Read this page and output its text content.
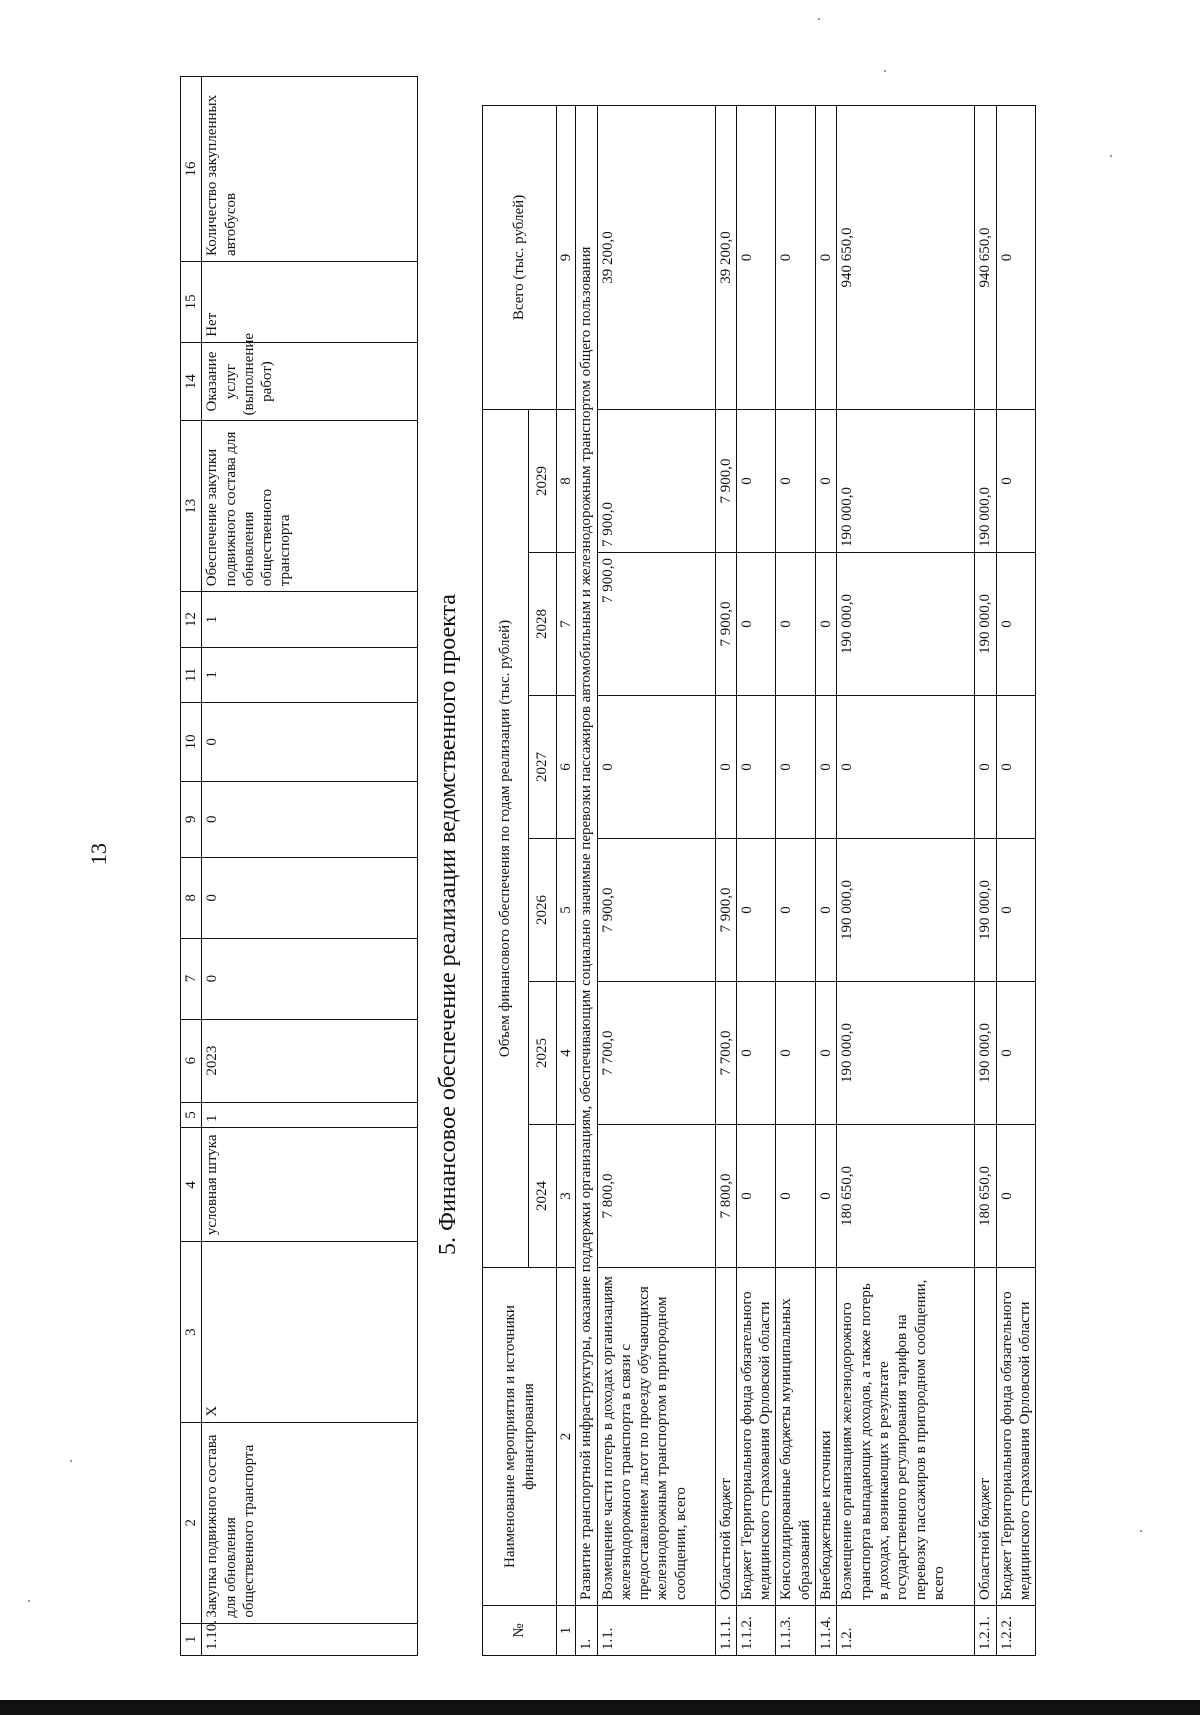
1	2	3	4	5	6	7	8	9	10	11	12	13	14	15	16
1.10.	Закупка подвижного состава для обновления общественного транспорта	Х	условная штука	1	2023	0	0	0	0	1	1	Обеспечение закупки подвижного состава для обновления общественного транспорта	Оказание услуг (выполнение работ)	Нет	Количество закупленных автобусов
13	5. Финансовое обеспечение реализации ведомственного проекта
№	Наименование мероприятия и источники финансирования	Объем финансового обеспечения по годам реализации (тыс. рублей)						Всего (тыс. рублей)
		2024	2025	2026	2027	2028	2029	
1	2	3	4	5	6	7	8	9
1.	Развитие транспортной инфраструктуры, оказание поддержки организациям, обеспечивающим социально значимые перевозки пассажиров автомобильным и железнодорожным транспортом общего пользования							
1.1.	Возмещение части потерь в доходах организациям железнодорожного транспорта в связи с предоставлением льгот по проезду обучающихся железнодорожным транспортом в пригородном сообщении, всего	7 800,0	7 700,0	7 900,0	0	7 900,0	7 900,0	39 200,0
1.1.1.	Областной бюджет	7 800,0	7 700,0	7 900,0	0	7 900,0	7 900,0	39 200,0
1.1.2.	Бюджет Территориального фонда обязательного медицинского страхования Орловской области	0	0	0	0	0	0	0
1.1.3.	Консолидированные бюджеты муниципальных образований	0	0	0	0	0	0	0
1.1.4.	Внебюджетные источники	0	0	0	0	0	0	0
1.2.	Возмещение организациям железнодорожного транспорта выпадающих доходов, а также потерь в доходах, возникающих в результате государственного регулирования тарифов на перевозку пассажиров в пригородном сообщении, всего	180 650,0	190 000,0	190 000,0	0	190 000,0	190 000,0	940 650,0
1.2.1.	Областной бюджет	180 650,0	190 000,0	190 000,0	0	190 000,0	190 000,0	940 650,0
1.2.2.	Бюджет Территориального фонда обязательного медицинского страхования Орловской области	0	0	0	0	0	0	0
